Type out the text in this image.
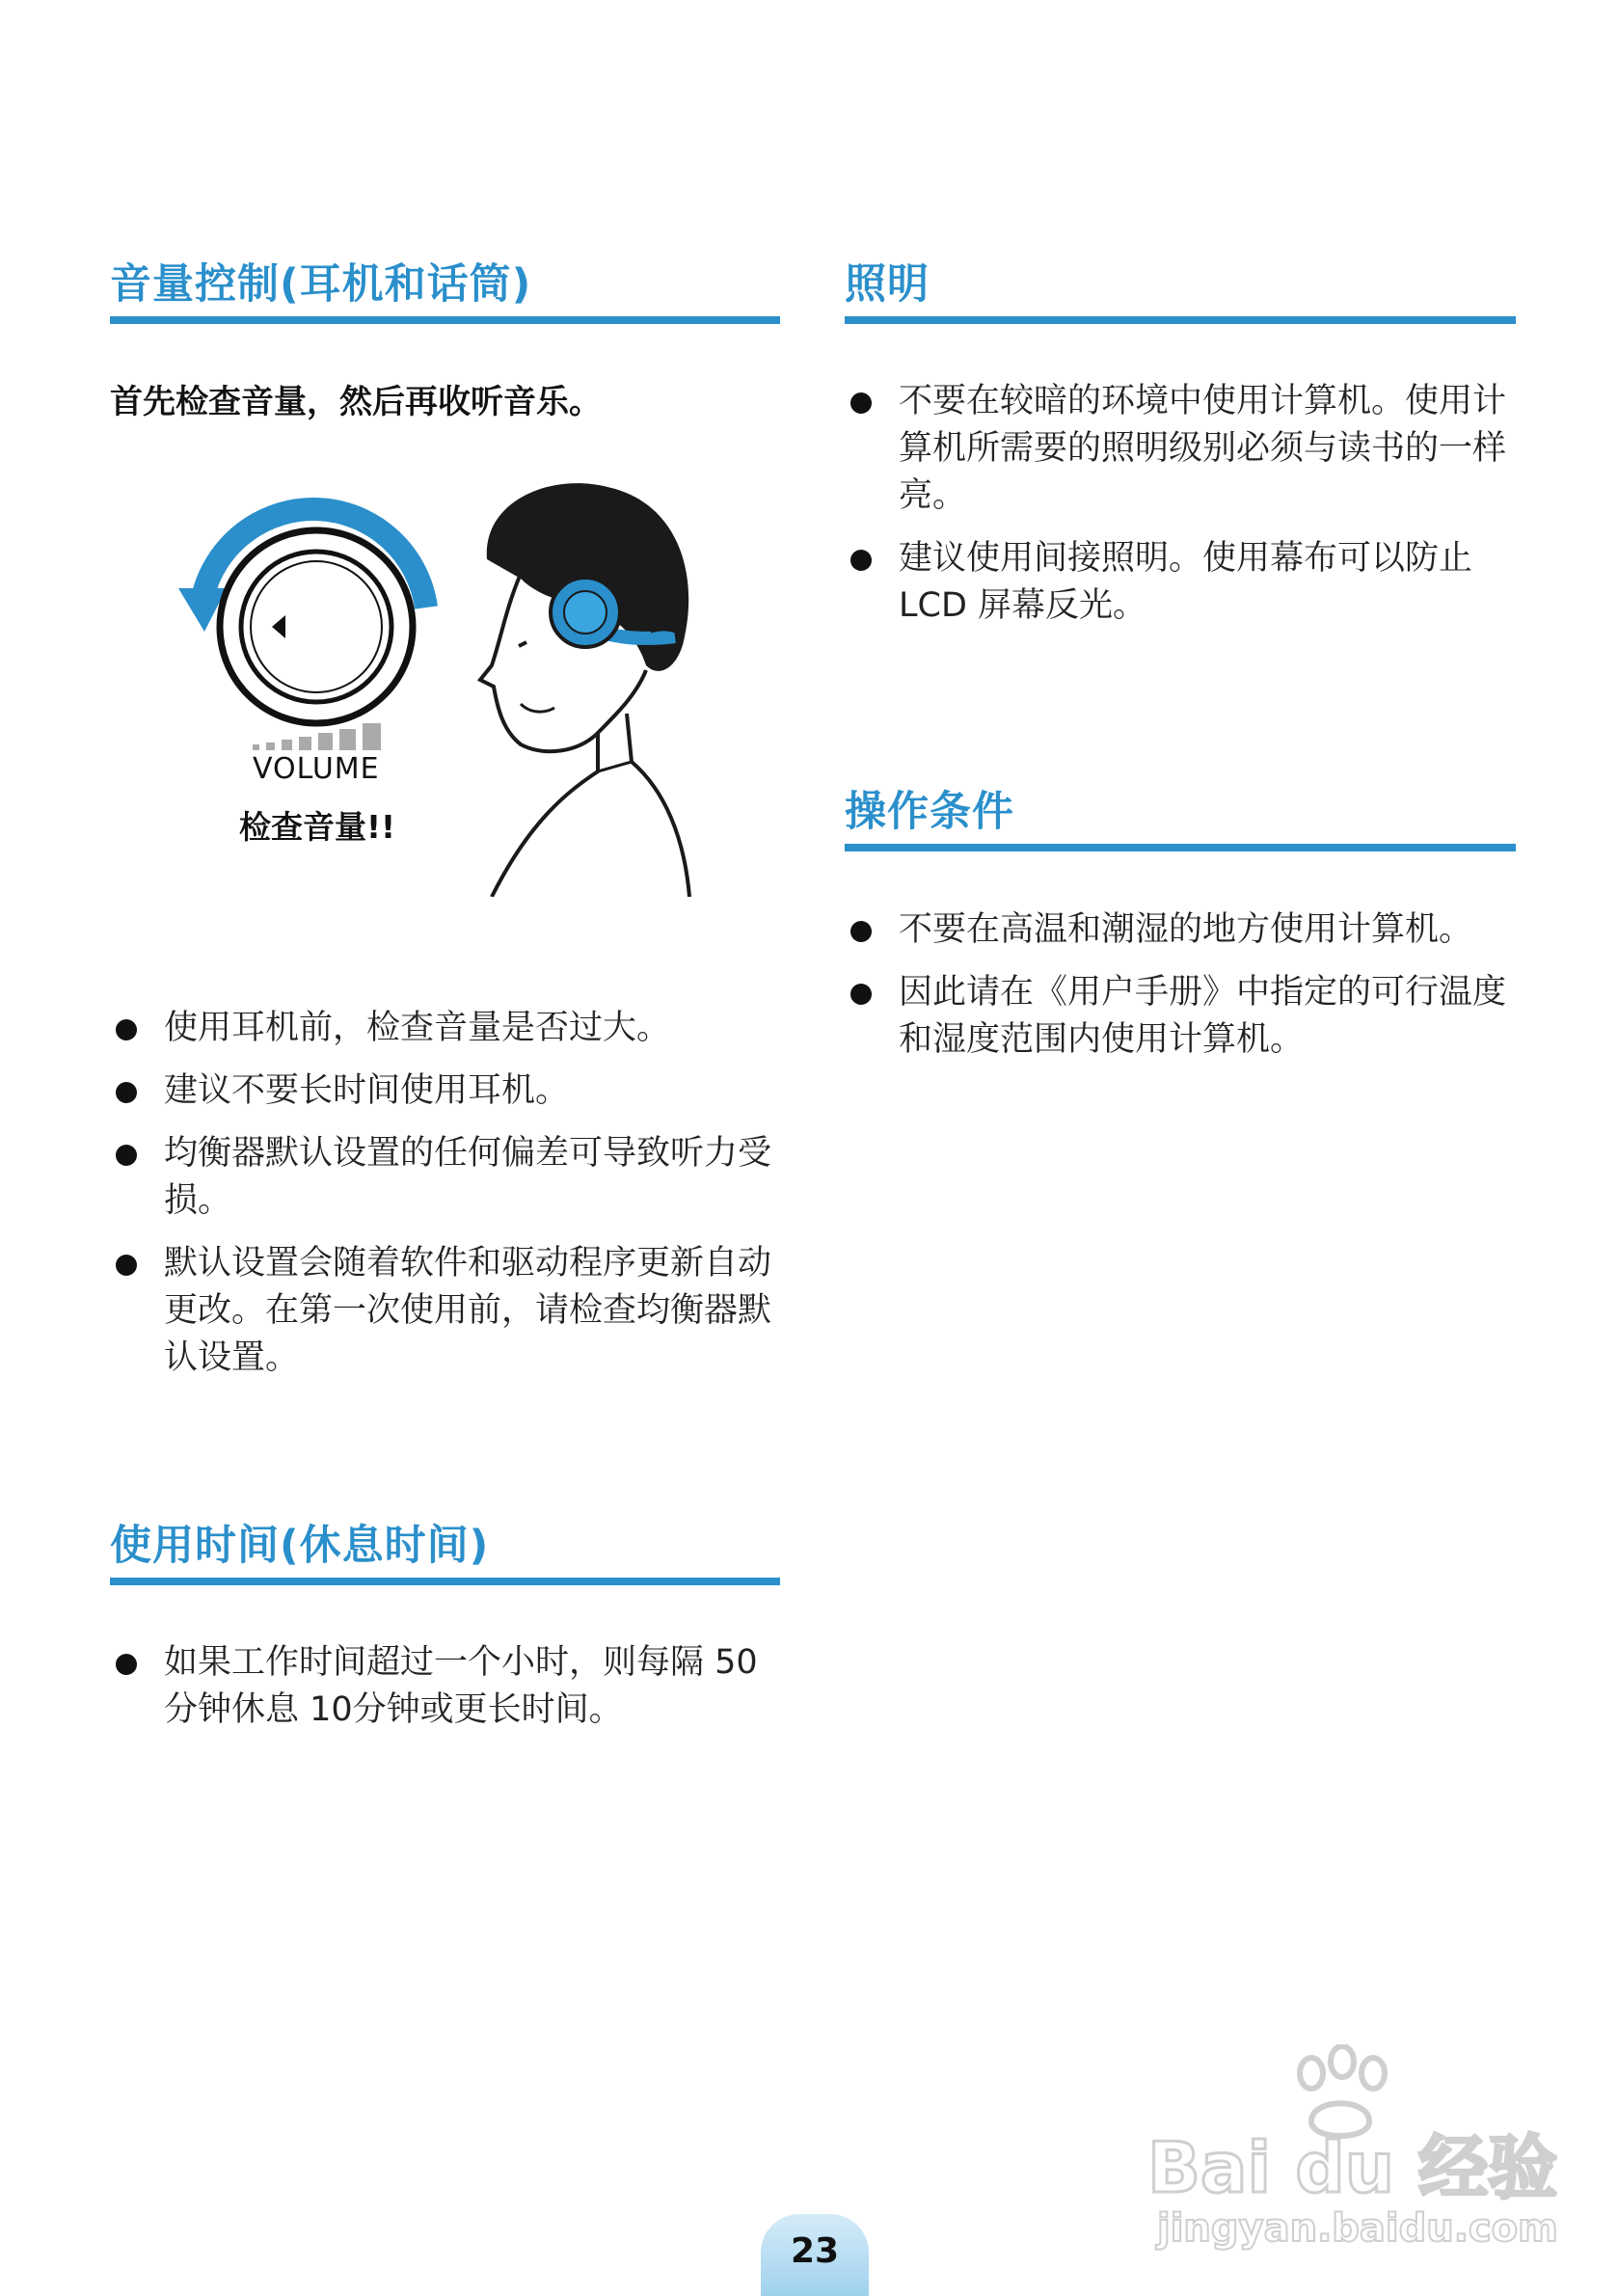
音量控制(耳机和话筒)

首先检查音量，然后再收听音乐。

VOLUME
检查音量!!
使用耳机前，检查音量是否过大。
建议不要长时间使用耳机。
均衡器默认设置的任何偏差可导致听力受损。
默认设置会随着软件和驱动程序更新自动更改。在第一次使用前，请检查均衡器默认设置。
使用时间(休息时间)
如果工作时间超过一个小时，则每隔 50 分钟休息 10分钟或更长时间。
照明
不要在较暗的环境中使用计算机。使用计算机所需要的照明级别必须与读书的一样亮。
建议使用间接照明。使用幕布可以防止 LCD 屏幕反光。
操作条件
不要在高温和潮湿的地方使用计算机。
因此请在《用户手册》中指定的可行温度和湿度范围内使用计算机。
Bai du 经验
jingyan.baidu.com
23
